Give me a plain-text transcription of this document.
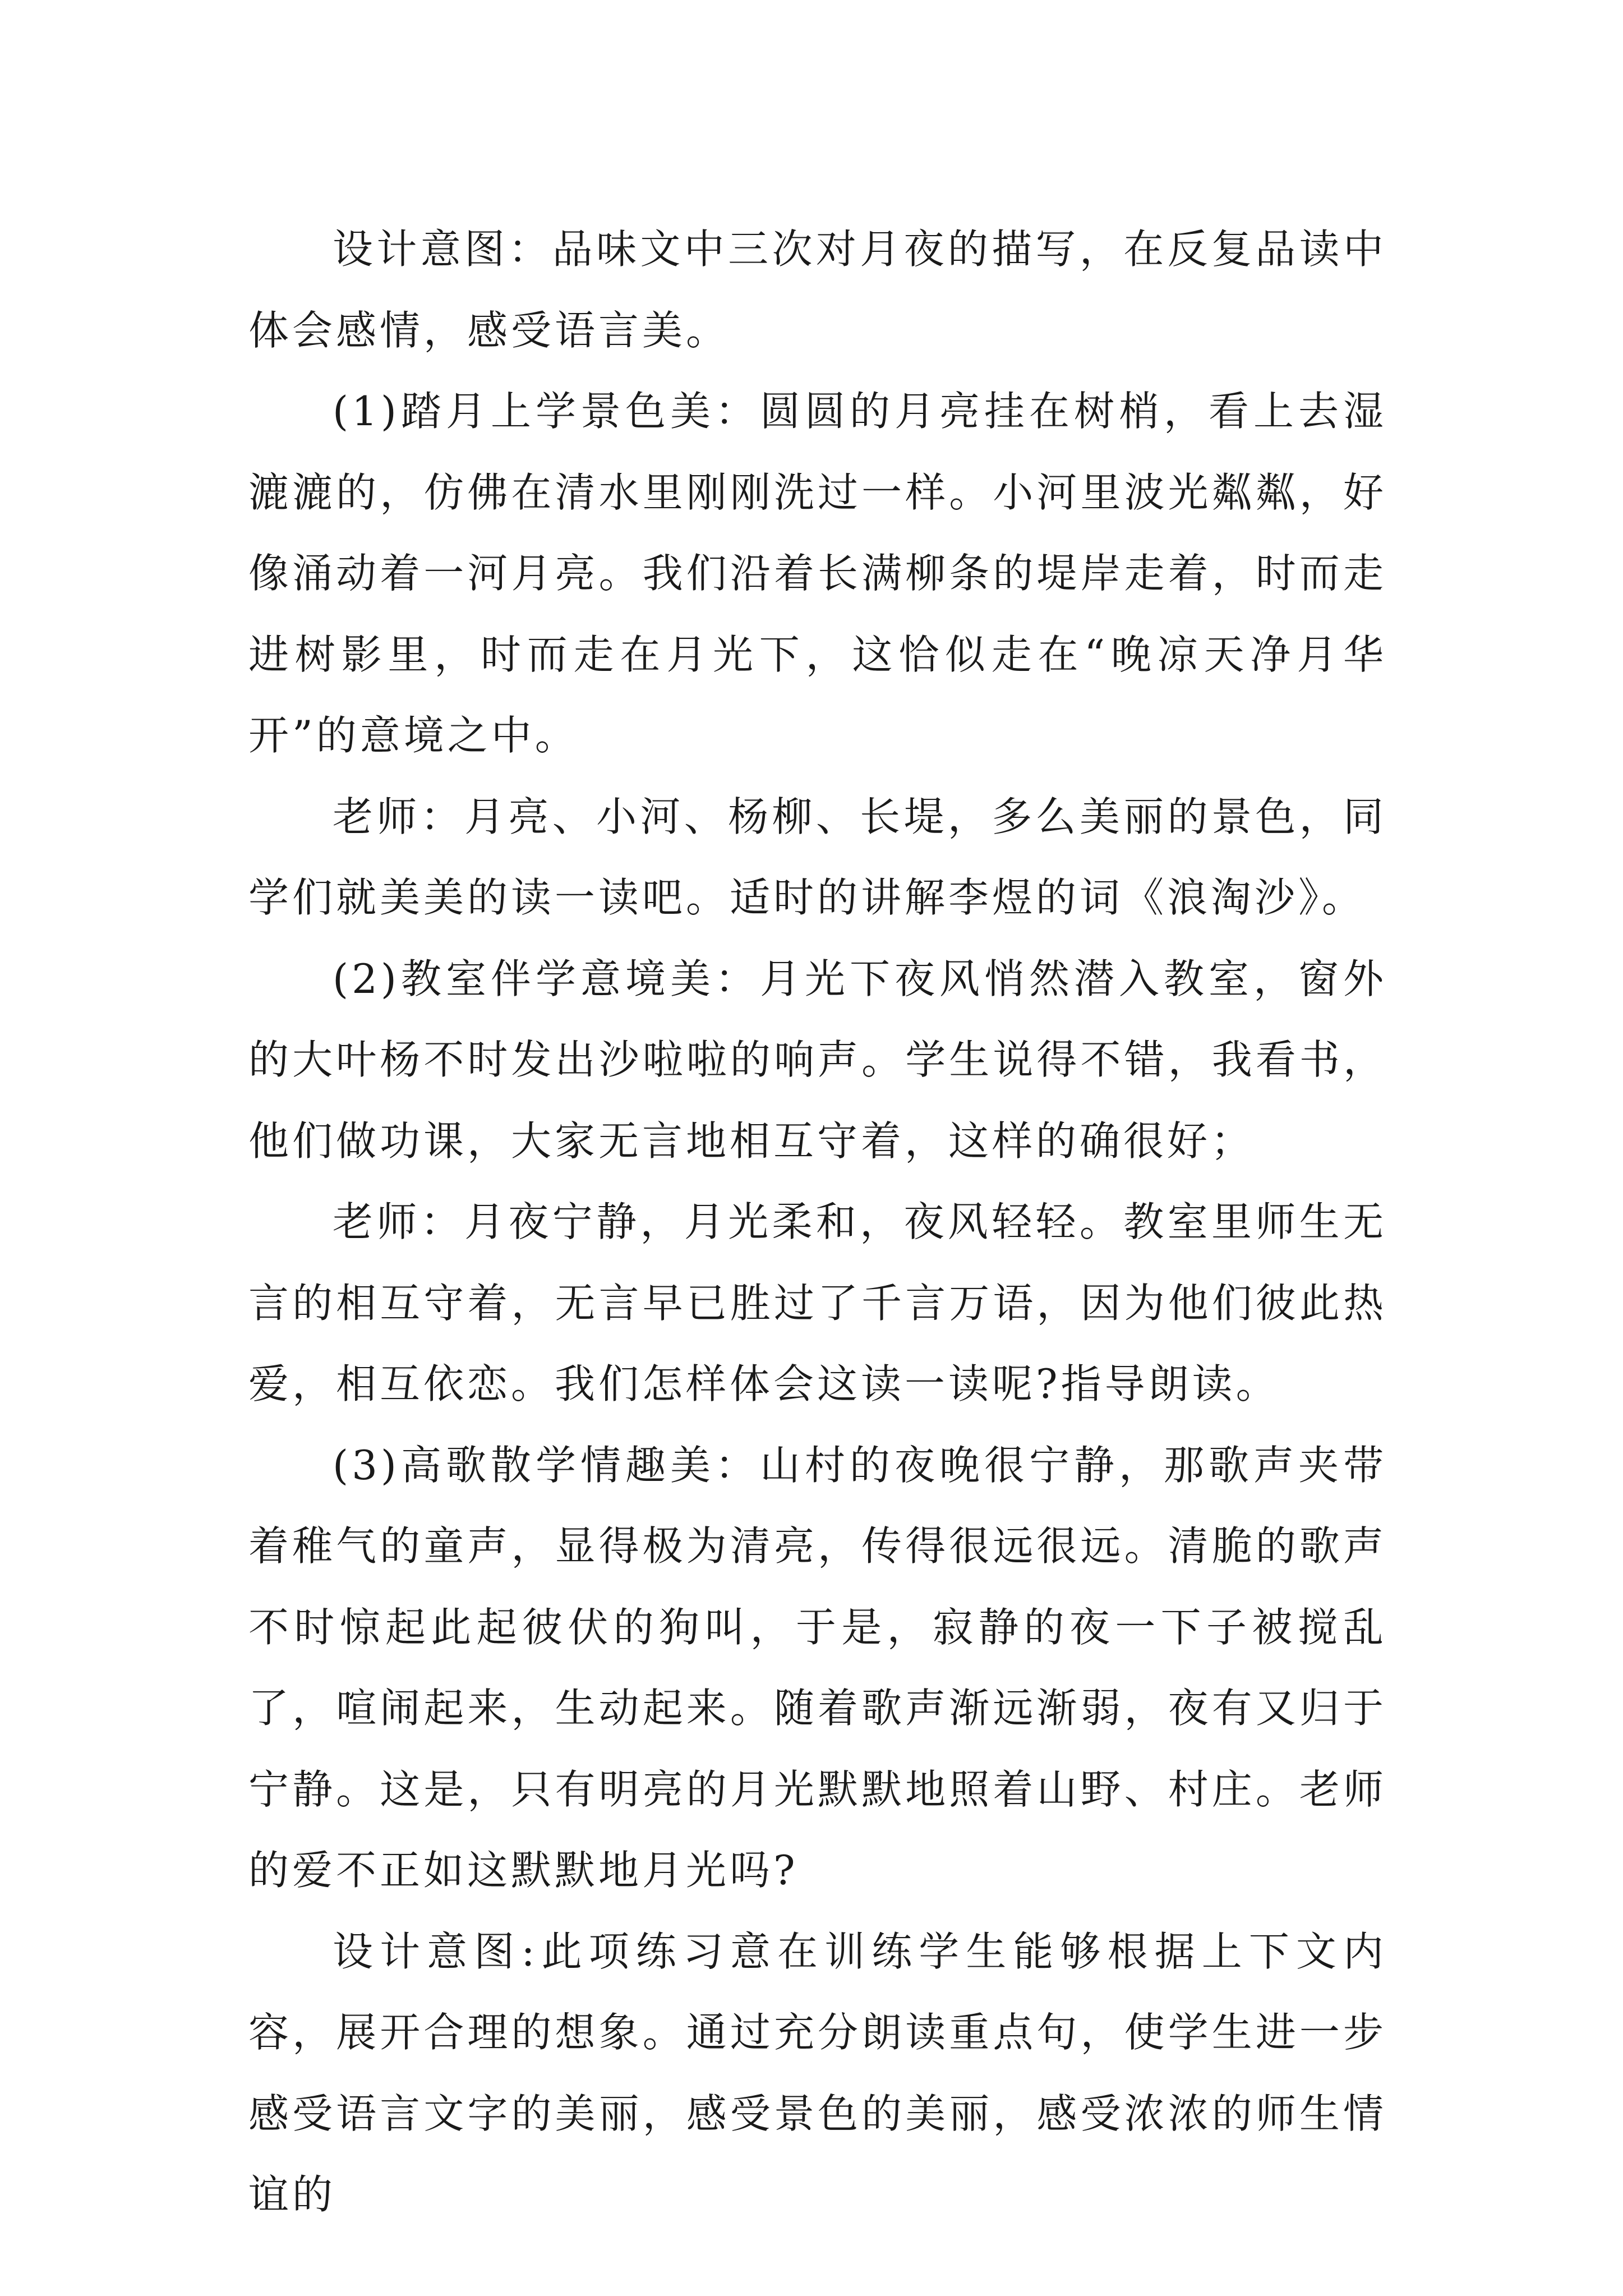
设计意图：品味文中三次对月夜的描写，在反复品读中体会感情，感受语言美。

(1)踏月上学景色美：圆圆的月亮挂在树梢，看上去湿漉漉的，仿佛在清水里刚刚洗过一样。小河里波光粼粼，好像涌动着一河月亮。我们沿着长满柳条的堤岸走着，时而走进树影里，时而走在月光下，这恰似走在“晚凉天净月华开”的意境之中。

老师：月亮、小河、杨柳、长堤，多么美丽的景色，同学们就美美的读一读吧。适时的讲解李煜的词《浪淘沙》。

(2)教室伴学意境美：月光下夜风悄然潜入教室，窗外的大叶杨不时发出沙啦啦的响声。学生说得不错，我看书，他们做功课，大家无言地相互守着，这样的确很好；

老师：月夜宁静，月光柔和，夜风轻轻。教室里师生无言的相互守着，无言早已胜过了千言万语，因为他们彼此热爱，相互依恋。我们怎样体会这读一读呢?指导朗读。

(3)高歌散学情趣美：山村的夜晚很宁静，那歌声夹带着稚气的童声，显得极为清亮，传得很远很远。清脆的歌声不时惊起此起彼伏的狗叫，于是，寂静的夜一下子被搅乱了，喧闹起来，生动起来。随着歌声渐远渐弱，夜有又归于宁静。这是，只有明亮的月光默默地照着山野、村庄。老师的爱不正如这默默地月光吗?

设计意图:此项练习意在训练学生能够根据上下文内容，展开合理的想象。通过充分朗读重点句，使学生进一步感受语言文字的美丽，感受景色的美丽，感受浓浓的师生情谊的
